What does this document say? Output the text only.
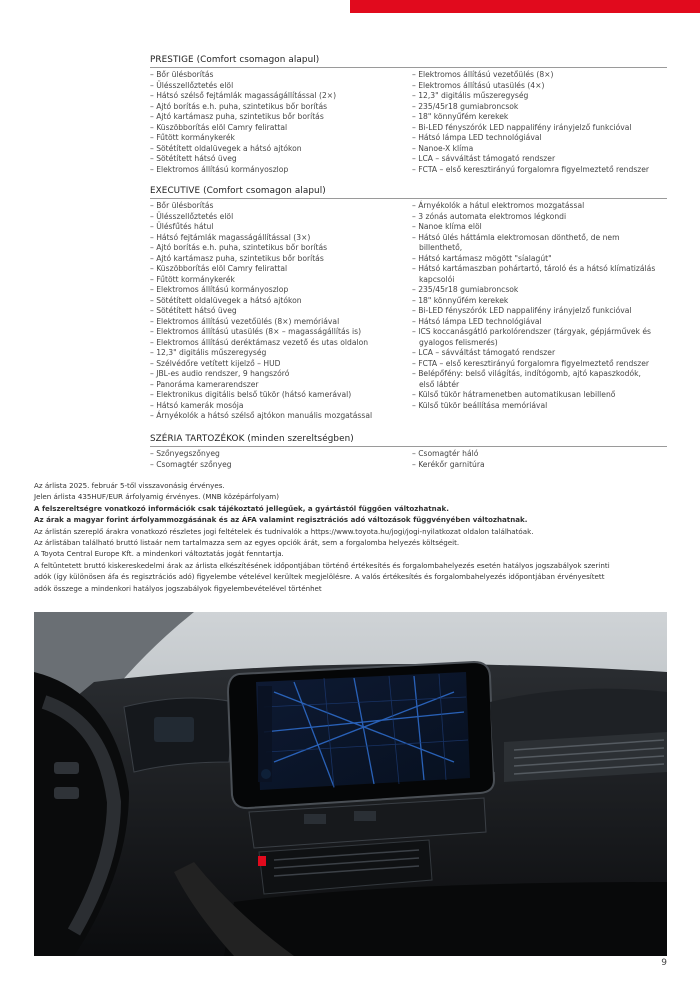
PRESTIGE (Comfort csomagon alapul)
– Bőr ülésborítás
– Ülésszellőztetés elöl
– Hátsó szélső fejtámlák magasságállítással (2×)
– Ajtó borítás e.h. puha, szintetikus bőr borítás
– Ajtó kartámasz puha, szintetikus bőr borítás
– Küszöbborítás elöl Camry felirattal
– Fűtött kormánykerék
– Sötétített oldalüvegek a hátsó ajtókon
– Sötétített hátsó üveg
– Elektromos állítású kormányoszlop
– Elektromos állítású vezetőülés (8×)
– Elektromos állítású utasülés (4×)
– 12,3" digitális műszeregység
– 235/45r18 gumiabroncsok
– 18" könnyűfém kerekek
– Bi-LED fényszórók LED nappalifény irányjelző funkcióval
– Hátsó lámpa LED technológiával
– Nanoe-X klíma
– LCA – sávváltást támogató rendszer
– FCTA – első keresztirányú forgalomra figyelmeztető rendszer
EXECUTIVE (Comfort csomagon alapul)
– Bőr ülésborítás
– Ülésszellőztetés elöl
– Ülésfűtés hátul
– Hátsó fejtámlák magasságállítással (3×)
– Ajtó borítás e.h. puha, szintetikus bőr borítás
– Ajtó kartámasz puha, szintetikus bőr borítás
– Küszöbborítás elöl Camry felirattal
– Fűtött kormánykerék
– Elektromos állítású kormányoszlop
– Sötétített oldalüvegek a hátsó ajtókon
– Sötétített hátsó üveg
– Elektromos állítású vezetőülés (8×) memóriával
– Elektromos állítású utasülés (8× – magasságállítás is)
– Elektromos állítású deréktámasz vezető és utas oldalon
– 12,3" digitális műszeregység
– Szélvédőre vetített kijelző – HUD
– JBL-es audio rendszer, 9 hangszóró
– Panoráma kamerarendszer
– Elektronikus digitális belső tükör (hátsó kamerával)
– Hátsó kamerák mosója
– Árnyékolók a hátsó szélső ajtókon manuális mozgatással
– Árnyékolók a hátul elektromos mozgatással
– 3 zónás automata elektromos légkondi
– Nanoe klíma elöl
– Hátsó ülés háttámla elektromosan dönthető, de nem
billenthető,
– Hátsó kartámasz mögött "síalagút"
– Hátsó kartámaszban pohártartó, tároló és a hátsó klímatizálás
kapcsolói
– 235/45r18 gumiabroncsok
– 18" könnyűfém kerekek
– Bi-LED fényszórók LED nappalifény irányjelző funkcióval
– Hátsó lámpa LED technológiával
– ICS koccanásgátló parkolórendszer (tárgyak, gépjárművek és
gyalogos felismerés)
– LCA – sávváltást támogató rendszer
– FCTA – első keresztirányú forgalomra figyelmeztető rendszer
– Belépőfény: belső világítás, indítógomb, ajtó kapaszkodók,
első lábtér
– Külső tükör hátramenetben automatikusan lebillenő
– Külső tükör beállítása memóriával
SZÉRIA TARTOZÉKOK (minden szereltségben)
– Szőnyegszőnyeg
– Csomagtér szőnyeg
– Csomagtér háló
– Kerékőr garnitúra
Az árlista 2025. február 5-től visszavonásig érvényes.
Jelen árlista 435HUF/EUR árfolyamig érvényes. (MNB középárfolyam)
A felszereltségre vonatkozó információk csak tájékoztató jellegűek, a gyártástól függően változhatnak.
Az árak a magyar forint árfolyammozgásának és az ÁFA valamint regisztrációs adó változások függvényében változhatnak.
Az árlistán szereplő árakra vonatkozó részletes jogi feltételek és tudnivalók a https://www.toyota.hu/jogi/jogi-nyilatkozat oldalon találhatóak.
Az árlistában található bruttó listaár nem tartalmazza sem az egyes opciók árát, sem a forgalomba helyezés költségeit.
A Toyota Central Europe Kft. a mindenkori változtatás jogát fenntartja.
A feltüntetett bruttó kiskereskedelmi árak az árlista elkészítésének időpontjában történő értékesítés és forgalombahelyezés esetén hatályos jogszabályok szerinti
adók (így különösen áfa és regisztrációs adó) figyelembe vételével kerültek megjelölésre. A valós értékesítés és forgalombahelyezés időpontjában érvényesített
adók összege a mindenkori hatályos jogszabályok figyelembevételével történhet
9
